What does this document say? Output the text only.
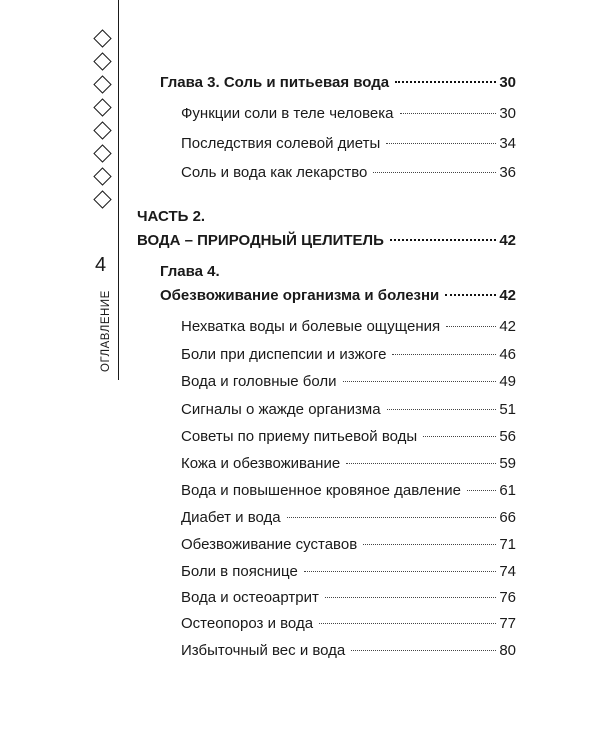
4
ОГЛАВЛЕНИЕ
Глава 3. Соль и питьевая вода	30
Функции соли в теле человека	30
Последствия солевой диеты	34
Соль и вода как лекарство	36
ЧАСТЬ 2.
ВОДА – ПРИРОДНЫЙ ЦЕЛИТЕЛЬ	42
Глава 4.
Обезвоживание организма и болезни	42
Нехватка воды и болевые ощущения	42
Боли при диспепсии и изжоге	46
Вода и головные боли	49
Сигналы о жажде организма	51
Советы по приему питьевой воды	56
Кожа и обезвоживание	59
Вода и повышенное кровяное давление	61
Диабет и вода	66
Обезвоживание суставов	71
Боли в пояснице	74
Вода и остеоартрит	76
Остеопороз и вода	77
Избыточный вес и вода	80
